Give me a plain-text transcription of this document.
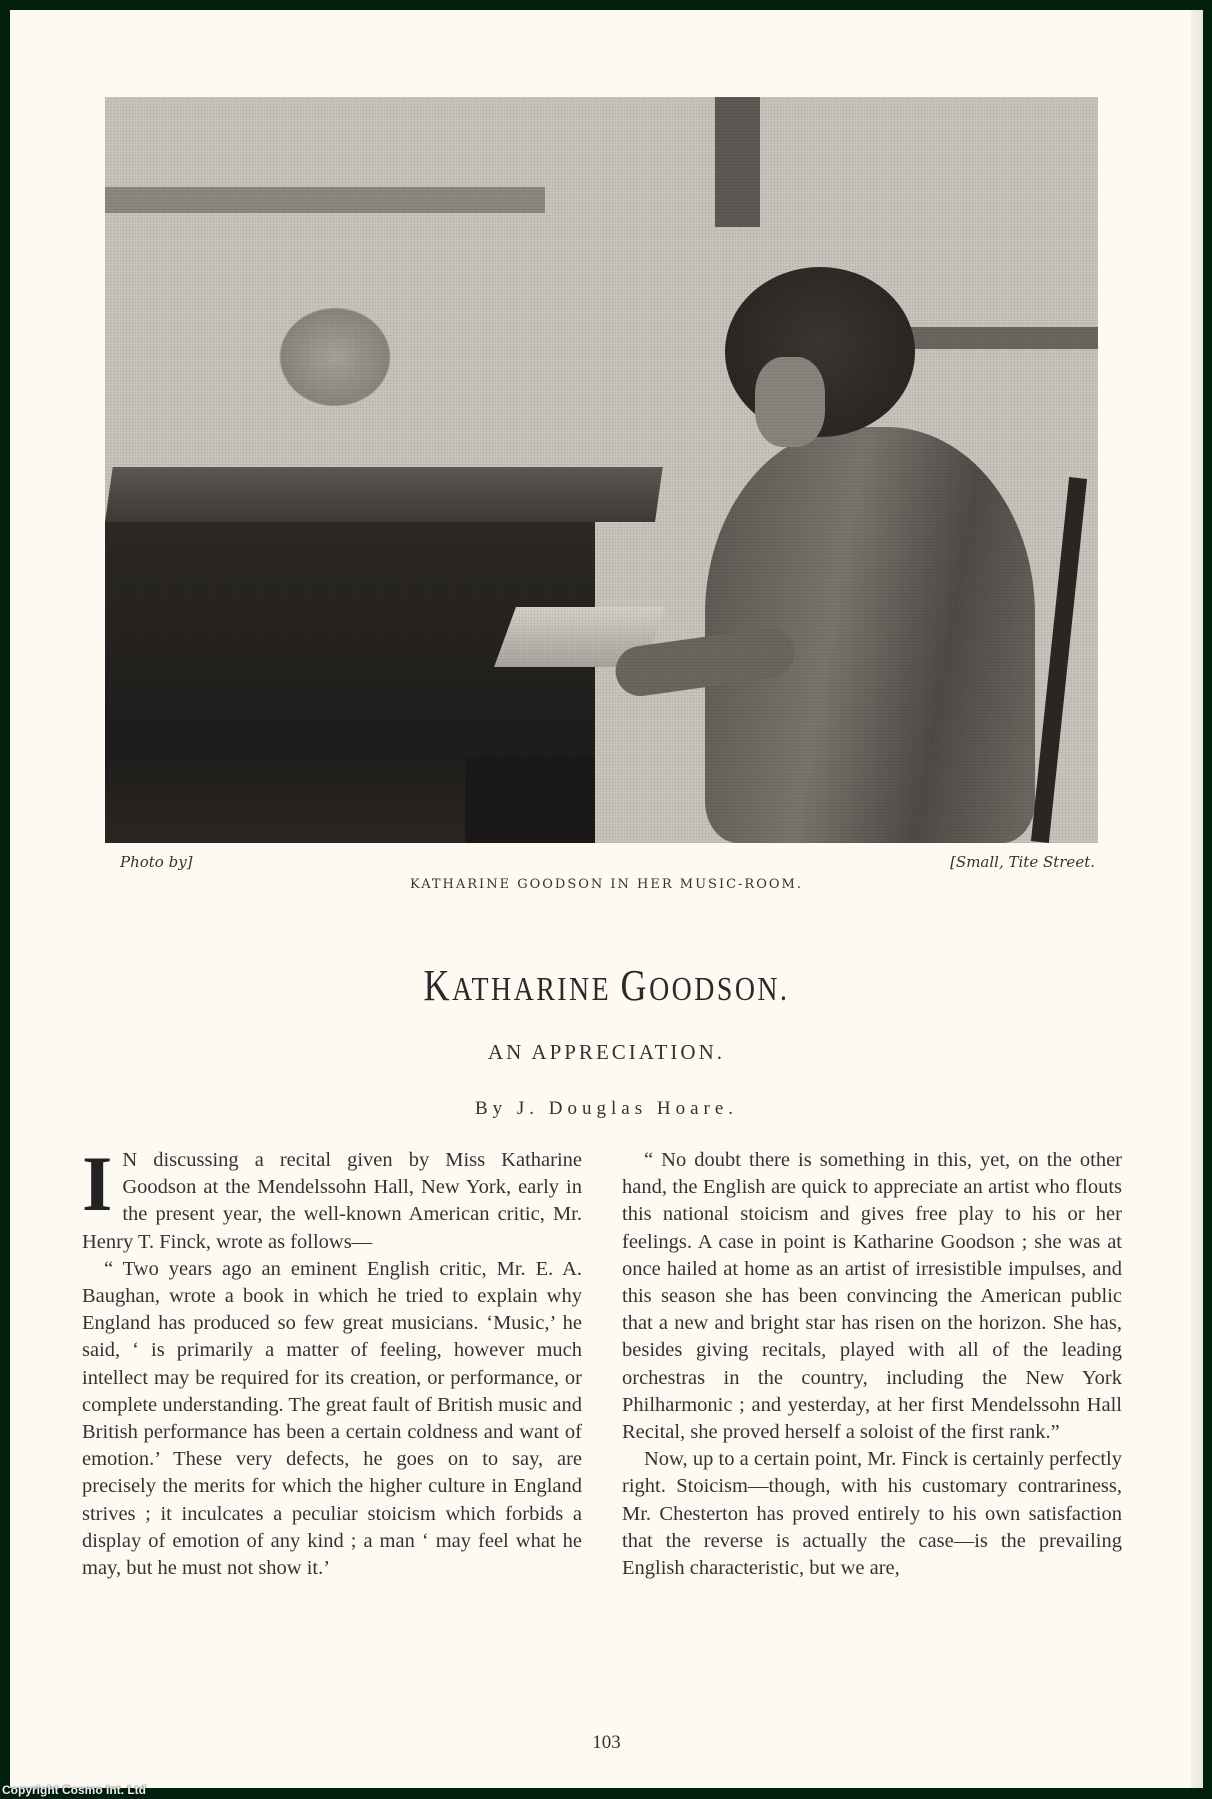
Photo by]	[Small, Tite Street.
KATHARINE GOODSON IN HER MUSIC-ROOM.
KATHARINE GOODSON.
AN APPRECIATION.
By J. Douglas Hoare.

I N discussing a recital given by Miss Katharine Goodson at the Mendelssohn Hall, New York, early in the present year, the well-known American critic, Mr. Henry T. Finck, wrote as follows—

“ Two years ago an eminent English critic, Mr. E. A. Baughan, wrote a book in which he tried to explain why England has produced so few great musicians. ‘Music,’ he said, ‘ is primarily a matter of feeling, however much intellect may be required for its creation, or performance, or complete understanding. The great fault of British music and British performance has been a certain coldness and want of emotion.’ These very defects, he goes on to say, are precisely the merits for which the higher culture in England strives ; it inculcates a peculiar stoicism which forbids a display of emotion of any kind ; a man ‘ may feel what he may, but he must not show it.’

“ No doubt there is something in this, yet, on the other hand, the English are quick to appreciate an artist who flouts this national stoicism and gives free play to his or her feelings. A case in point is Katharine Goodson ; she was at once hailed at home as an artist of irresistible impulses, and this season she has been convincing the American public that a new and bright star has risen on the horizon. She has, besides giving recitals, played with all of the leading orchestras in the country, including the New York Philharmonic ; and yesterday, at her first Mendelssohn Hall Recital, she proved herself a soloist of the first rank.”

Now, up to a certain point, Mr. Finck is certainly perfectly right. Stoicism—though, with his customary contrariness, Mr. Chesterton has proved entirely to his own satisfaction that the reverse is actually the case—is the prevailing English characteristic, but we are,

103
Copyright Cosmo Int. Ltd
